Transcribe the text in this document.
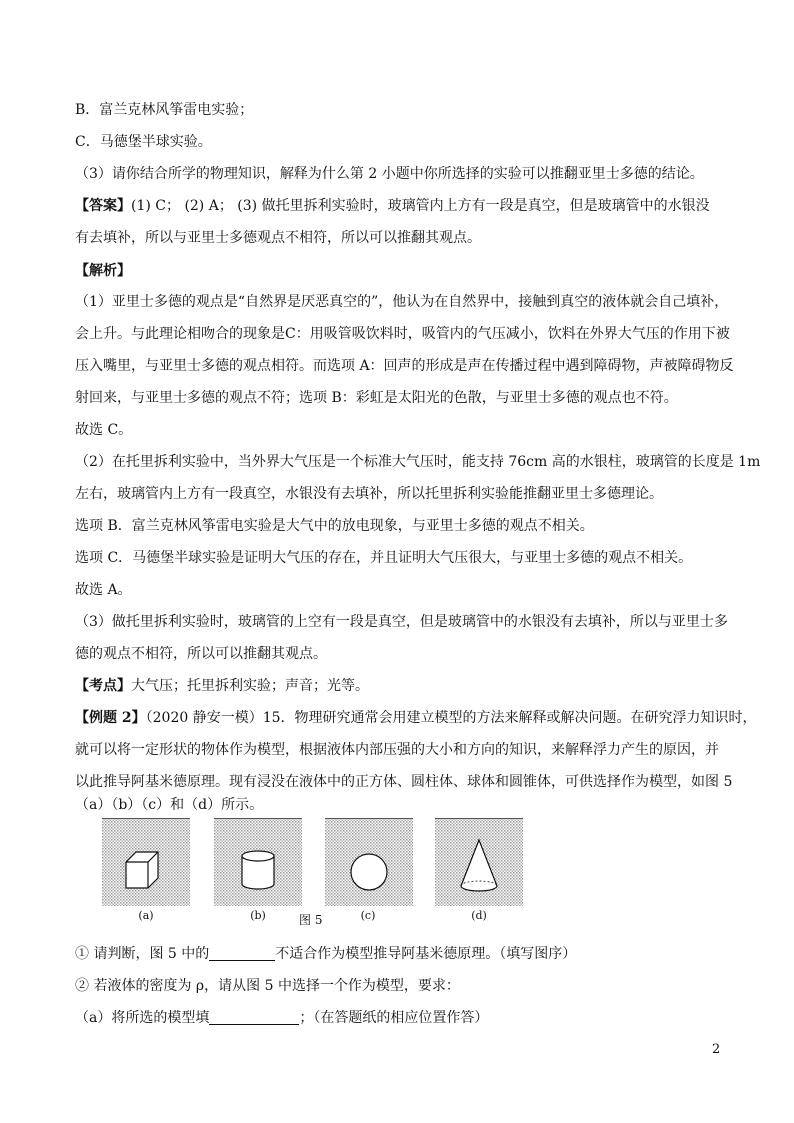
B．富兰克林风筝雷电实验；
C．马德堡半球实验。
（3）请你结合所学的物理知识，解释为什么第 2 小题中你所选择的实验可以推翻亚里士多德的结论。
【答案】(1) C； (2) A； (3) 做托里拆利实验时，玻璃管内上方有一段是真空，但是玻璃管中的水银没
有去填补，所以与亚里士多德观点不相符，所以可以推翻其观点。
【解析】
（1）亚里士多德的观点是“自然界是厌恶真空的”，他认为在自然界中，接触到真空的液体就会自己填补，
会上升。与此理论相吻合的现象是C：用吸管吸饮料时，吸管内的气压减小，饮料在外界大气压的作用下被
压入嘴里，与亚里士多德的观点相符。而选项 A：回声的形成是声在传播过程中遇到障碍物，声被障碍物反
射回来，与亚里士多德的观点不符；选项 B：彩虹是太阳光的色散，与亚里士多德的观点也不符。
故选 C。
（2）在托里拆利实验中，当外界大气压是一个标准大气压时，能支持 76cm 高的水银柱，玻璃管的长度是 1m
左右，玻璃管内上方有一段真空，水银没有去填补，所以托里拆利实验能推翻亚里士多德理论。
选项 B．富兰克林风筝雷电实验是大气中的放电现象，与亚里士多德的观点不相关。
选项 C．马德堡半球实验是证明大气压的存在，并且证明大气压很大，与亚里士多德的观点不相关。
故选 A。
（3）做托里拆利实验时，玻璃管的上空有一段是真空，但是玻璃管中的水银没有去填补，所以与亚里士多
德的观点不相符，所以可以推翻其观点。
【考点】大气压；托里拆利实验；声音；光等。
【例题 2】（2020 静安一模）15．物理研究通常会用建立模型的方法来解释或解决问题。在研究浮力知识时，
就可以将一定形状的物体作为模型，根据液体内部压强的大小和方向的知识，来解释浮力产生的原因，并
以此推导阿基米德原理。现有浸没在液体中的正方体、圆柱体、球体和圆锥体，可供选择作为模型，如图 5
（a）（b）（c）和（d）所示。
(a)	(b)	图 5	(c)	(d)
① 请判断，图 5 中的	不适合作为模型推导阿基米德原理。（填写图序）
② 若液体的密度为 ρ，请从图 5 中选择一个作为模型，要求：
（a）将所选的模型填	；（在答题纸的相应位置作答）
2
